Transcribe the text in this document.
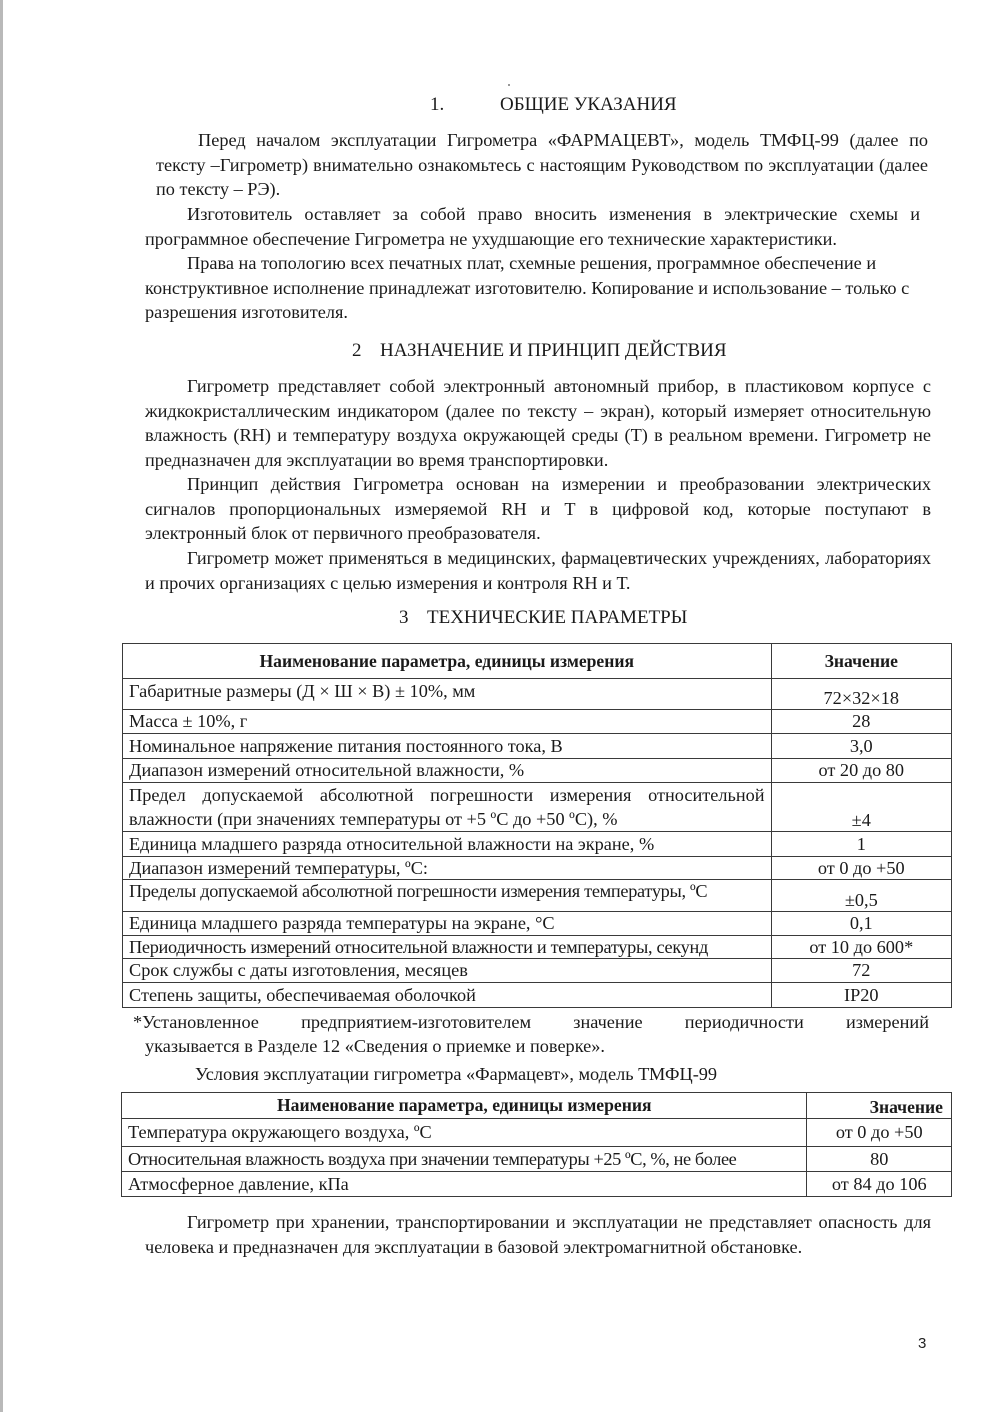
1.	ОБЩИЕ УКАЗАНИЯ
Перед началом эксплуатации Гигрометра «ФАРМАЦЕВТ», модель ТМФЦ-99 (далее по тексту –Гигрометр) внимательно ознакомьтесь с настоящим Руководством по эксплуатации (далее по тексту – РЭ).
Изготовитель оставляет за собой право вносить изменения в электрические схемы и программное обеспечение Гигрометра не ухудшающие его технические характеристики.
Права на топологию всех печатных плат, схемные решения, программное обеспечение и конструктивное исполнение принадлежат изготовителю. Копирование и использование – только с разрешения изготовителя.
2 НАЗНАЧЕНИЕ И ПРИНЦИП ДЕЙСТВИЯ
Гигрометр представляет собой электронный автономный прибор, в пластиковом корпусе с жидкокристаллическим индикатором (далее по тексту – экран), который измеряет относительную влажность (RH) и температуру воздуха окружающей среды (Т) в реальном времени. Гигрометр не предназначен для эксплуатации во время транспортировки.
Принцип действия Гигрометра основан на измерении и преобразовании электрических сигналов пропорциональных измеряемой RH и Т в цифровой код, которые поступают в электронный блок от первичного преобразователя.
Гигрометр может применяться в медицинских, фармацевтических учреждениях, лабораториях и прочих организациях с целью измерения и контроля RH и Т.
3 ТЕХНИЧЕСКИЕ ПАРАМЕТРЫ
Наименование параметра, единицы измерения	Значение
Габаритные размеры (Д × Ш × В) ± 10%, мм	72×32×18
Масса ± 10%, г	28
Номинальное напряжение питания постоянного тока, В	3,0
Диапазон измерений относительной влажности, %	от 20 до 80
Предел допускаемой абсолютной погрешности измерения относительной влажности (при значениях температуры от +5 ºС до +50 ºС), %	±4
Единица младшего разряда относительной влажности на экране, %	1
Диапазон измерений температуры, ºС:	от 0 до +50
Пределы допускаемой абсолютной погрешности измерения температуры, ºС	±0,5
Единица младшего разряда температуры на экране, °С	0,1
Периодичность измерений относительной влажности и температуры, секунд	от 10 до 600*
Срок службы с даты изготовления, месяцев	72
Степень защиты, обеспечиваемая оболочкой	IP20
*Установленное предприятием-изготовителем значение периодичности измерений
указывается в Разделе 12 «Сведения о приемке и поверке».
Условия эксплуатации гигрометра «Фармацевт», модель ТМФЦ-99
Наименование параметра, единицы измерения	Значение
Температура окружающего воздуха, ºС	от 0 до +50
Относительная влажность воздуха при значении температуры +25 ºС, %, не более	80
Атмосферное давление, кПа	от 84 до 106
Гигрометр при хранении, транспортировании и эксплуатации не представляет опасность для человека и предназначен для эксплуатации в базовой электромагнитной обстановке.
3
